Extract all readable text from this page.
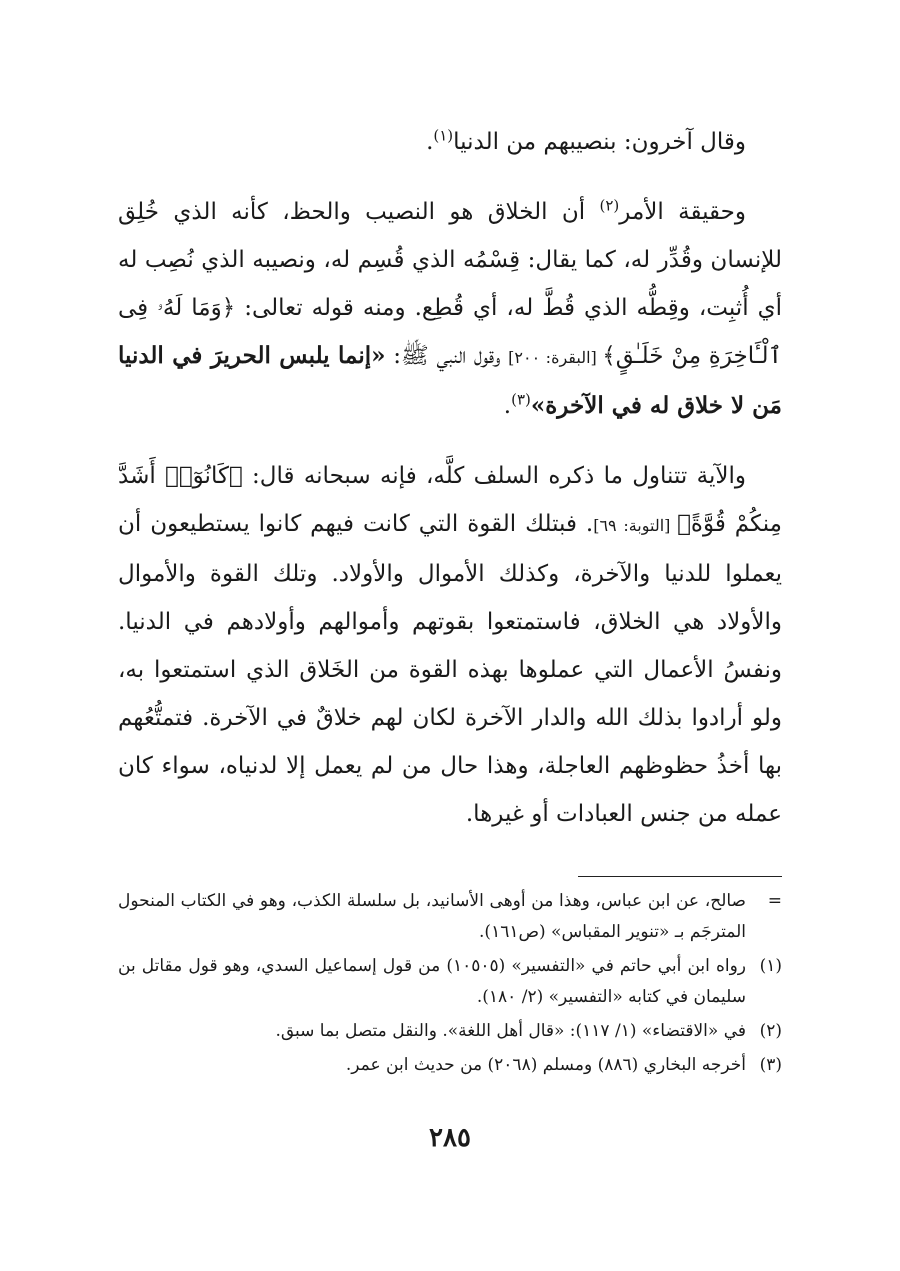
وقال آخرون: بنصيبهم من الدنيا$^{(١)}$.

وحقيقة الأمر$^{(٢)}$ أن الخلاق هو النصيب والحظ، كأنه الذي خُلِق للإنسان وقُدِّر له، كما يقال: قِسْمُه الذي قُسِم له، ونصيبه الذي نُصِب له أي أُثبِت، وقِطُّه الذي قُطَّ له، أي قُطِع. ومنه قوله تعالى: ﴿وَمَا لَهُۥ فِى ٱلْـَٔاخِرَةِ مِنْ خَلَـٰقٍ﴾ [البقرة: ٢٠٠] وقول النبي ﷺ: «إنما يلبس الحريرَ في الدنيا مَن لا خلاق له في الآخرة»$^{(٣)}$.

والآية تتناول ما ذكره السلف كلَّه، فإنه سبحانه قال: ﴿كَانُوٓا۟ أَشَدَّ مِنكُمْ قُوَّةً﴾ [التوبة: ٦٩]. فبتلك القوة التي كانت فيهم كانوا يستطيعون أن يعملوا للدنيا والآخرة، وكذلك الأموال والأولاد. وتلك القوة والأموال والأولاد هي الخلاق، فاستمتعوا بقوتهم وأموالهم وأولادهم في الدنيا. ونفسُ الأعمال التي عملوها بهذه القوة من الخَلاق الذي استمتعوا به، ولو أرادوا بذلك الله والدار الآخرة لكان لهم خلاقٌ في الآخرة. فتمتُّعُهم بها أخذُ حظوظهم العاجلة، وهذا حال من لم يعمل إلا لدنياه، سواء كان عمله من جنس العبادات أو غيرها.

=
صالح، عن ابن عباس، وهذا من أوهى الأسانيد، بل سلسلة الكذب، وهو في الكتاب المنحول المترجَم بـ «تنوير المقباس» (ص١٦١).
(١)
رواه ابن أبي حاتم في «التفسير» (١٠٥٠٥) من قول إسماعيل السدي، وهو قول مقاتل بن سليمان في كتابه «التفسير» (٢/ ١٨٠).
(٢)
في «الاقتضاء» (١/ ١١٧): «قال أهل اللغة». والنقل متصل بما سبق.
(٣)
أخرجه البخاري (٨٨٦) ومسلم (٢٠٦٨) من حديث ابن عمر.
٢٨٥
